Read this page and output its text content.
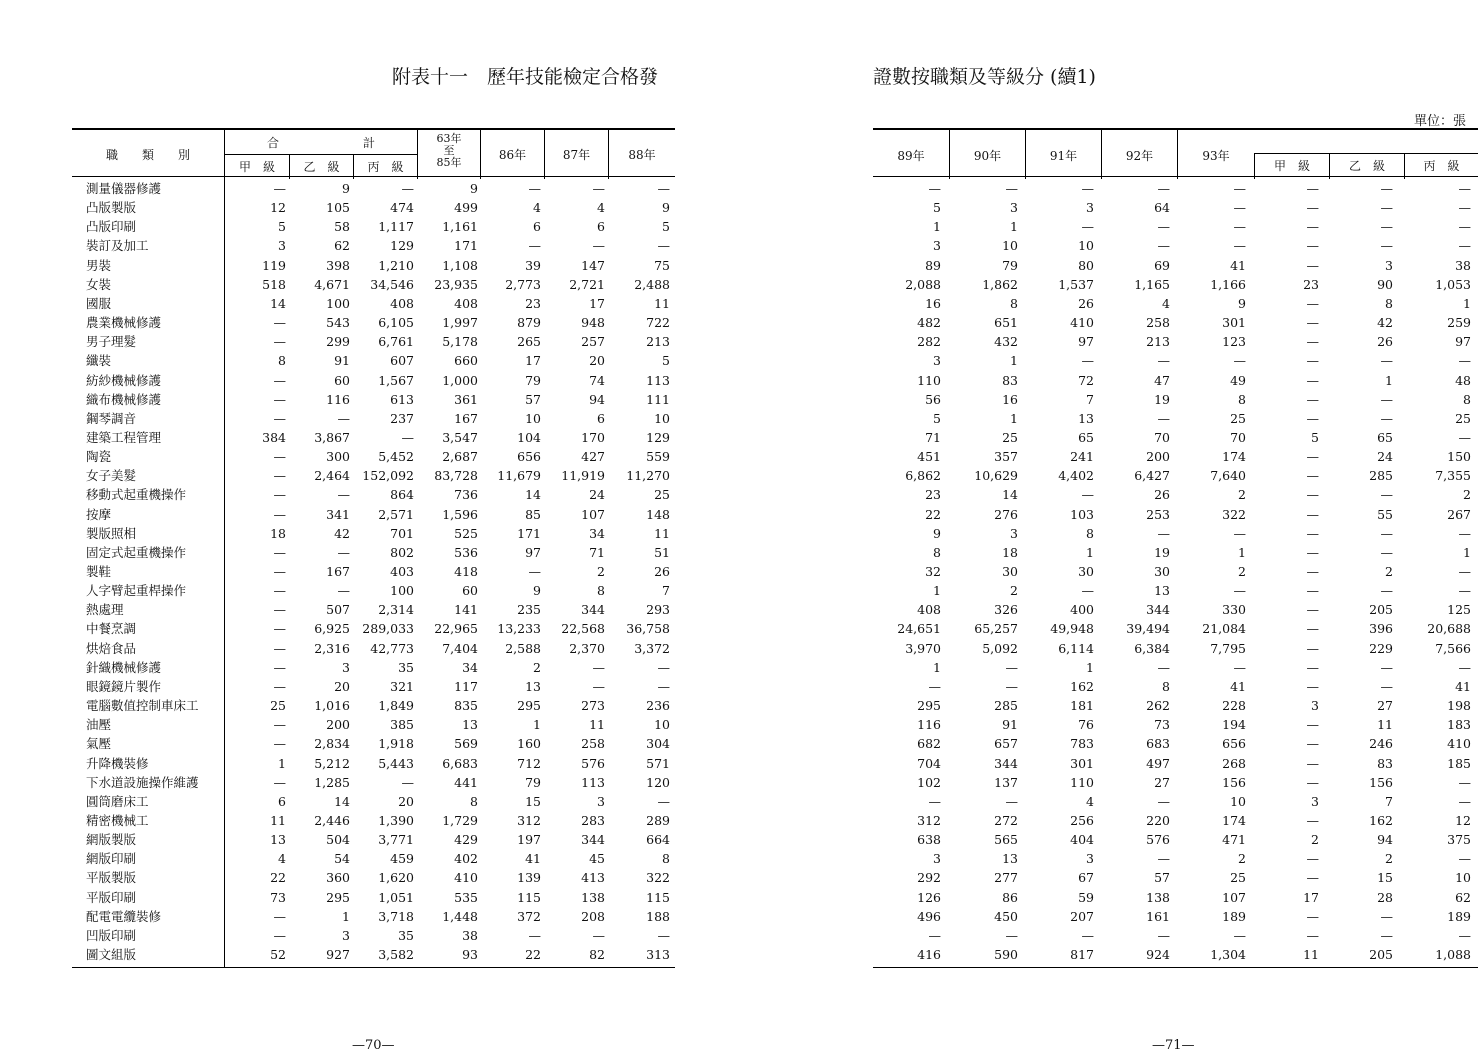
附表十一　歷年技能檢定合格發	證數按職類及等級分 (續1)
單位：張
職　　類　　別
合　　　　　　　計
甲　級	乙　級	丙　級
63年
至
85年
86年	87年	88年
測量儀器修護	—	9	—	9	—	—	—
凸版製版	12	105	474	499	4	4	9
凸版印刷	5	58 1,117 1,161	6	6	5
裝訂及加工	3	62	129	171	—	—	—
男裝	119	398 1,210 1,108	39	147	75
女裝	518 4,671 34,546 23,935 2,773 2,721 2,488
國服	14	100	408	408	23	17	11
農業機械修護	—	543 6,105 1,997	879	948	722
男子理髮	—	299 6,761 5,178	265	257	213
纖裝	8	91	607	660	17	20	5
紡紗機械修護	—	60 1,567 1,000	79	74	113
織布機械修護	—	116	613	361	57	94	111
鋼琴調音	—	—	237	167	10	6	10
建築工程管理	384 3,867	— 3,547	104	170	129
陶瓷	—	300 5,452 2,687	656	427	559
女子美髮	— 2,464 152,092 83,728 11,679 11,919 11,270
移動式起重機操作	—	—	864	736	14	24	25
按摩	—	341 2,571 1,596	85	107	148
製版照相	18	42	701	525	171	34	11
固定式起重機操作	—	—	802	536	97	71	51
製鞋	—	167	403	418	—	2	26
人字臂起重桿操作	—	—	100	60	9	8	7
熱處理	—	507 2,314	141	235	344	293
中餐烹調	— 6,925 289,033 22,965 13,233 22,568 36,758
烘焙食品	— 2,316 42,773 7,404 2,588 2,370 3,372
針織機械修護	—	3	35	34	2	—	—
眼鏡鏡片製作	—	20	321	117	13	—	—
電腦數值控制車床工	25 1,016 1,849	835	295	273	236
油壓	—	200	385	13	1	11	10
氣壓	— 2,834 1,918	569	160	258	304
升降機裝修	1 5,212 5,443 6,683	712	576	571
下水道設施操作維護	— 1,285	—	441	79	113	120
圓筒磨床工	6	14	20	8	15	3	—
精密機械工	11 2,446 1,390 1,729	312	283	289
網版製版	13	504 3,771	429	197	344	664
網版印刷	4	54	459	402	41	45	8
平版製版	22	360 1,620	410	139	413	322
平版印刷	73	295 1,051	535	115	138	115
配電電纜裝修	—	1 3,718 1,448	372	208	188
凹版印刷	—	3	35	38	—	—	—
圖文組版	52	927 3,582	93	22	82	313
89年	90年	91年	92年	93年
甲　級	乙　級	丙　級
—	—	—	—	—	—	—	—
5	3	3	64	—	—	—	—
1	1	—	—	—	—	—	—
3	10	10	—	—	—	—	—
89	79	80	69	41	—	3	38
2,088	1,862	1,537	1,165	1,166	23	90	1,053
16	8	26	4	9	—	8	1
482	651	410	258	301	—	42	259
282	432	97	213	123	—	26	97
3	1	—	—	—	—	—	—
110	83	72	47	49	—	1	48
56	16	7	19	8	—	—	8
5	1	13	—	25	—	—	25
71	25	65	70	70	5	65	—
451	357	241	200	174	—	24	150
6,862	10,629	4,402	6,427	7,640	—	285	7,355
23	14	—	26	2	—	—	2
22	276	103	253	322	—	55	267
9	3	8	—	—	—	—	—
8	18	1	19	1	—	—	1
32	30	30	30	2	—	2	—
1	2	—	13	—	—	—	—
408	326	400	344	330	—	205	125
24,651	65,257	49,948	39,494	21,084	—	396	20,688
3,970	5,092	6,114	6,384	7,795	—	229	7,566
1	—	1	—	—	—	—	—
—	—	162	8	41	—	—	41
295	285	181	262	228	3	27	198
116	91	76	73	194	—	11	183
682	657	783	683	656	—	246	410
704	344	301	497	268	—	83	185
102	137	110	27	156	—	156	—
—	—	4	—	10	3	7	—
312	272	256	220	174	—	162	12
638	565	404	576	471	2	94	375
3	13	3	—	2	—	2	—
292	277	67	57	25	—	15	10
126	86	59	138	107	17	28	62
496	450	207	161	189	—	—	189
—	—	—	—	—	—	—	—
416	590	817	924	1,304	11	205	1,088
—70—	—71—
